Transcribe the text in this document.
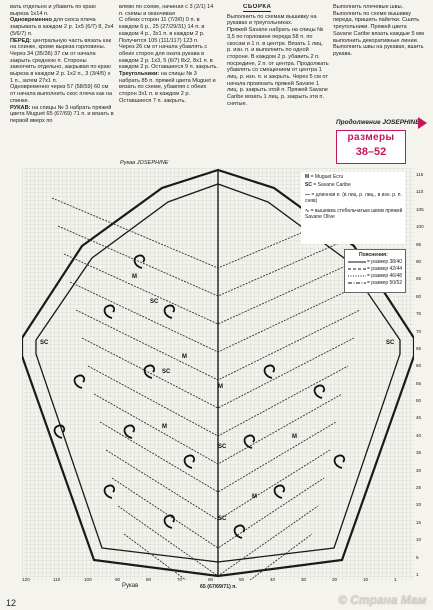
вать отдельно и убавить по краю выреза 1х14 п.

Одновременно для скоса плеча закрывать в каждом 2 р. 1х5 (6/7) 8, 2х4 (5/6/7) п.

ПЕРЕД: центральную часть вязать как на спинке, кроме выреза горловины.

Через 34 (35/36) 37 см от начала закрыть среднюю п. Стороны закончить отдельно, закрывая по краю выреза в каждом 2 р. 1х2 п., 3 (3/4/5) х 1 п., затем 27х1 п.

Одновременно через 57 (58/59) 60 см от начала выполнить скос плеча как на спинке.

РУКАВ: на спицы № 3 набрать пряжей цвета Muguet 65 (67/69) 71 п. и вязать в первой вверх по

влево по схеме, начиная с 3 (2/1) 14 п. схемы и оканчивая

С обеих сторон 11 (7/3/0) 0 п. в каждом 6 р., 25 (27/29/31) 14 п. в каждом 4 р., 3х1 п. в каждом 2 р. Получится 105 (111/117) 123 п.

Через 26 см от начала убавлять с обеих сторон для оката рукава в каждом 2 р. 1х3, 5 (6/7) 8х2, 8х1 п. в каждом 2 р. Оставшиеся 9 п. закрыть.

Треугольники: на спицы № 3 набрать 85 п. пряжей цвета Muguet и вязать по схеме, убавляя с обеих сторон 3х1 п. в каждом 2 р. Оставшиеся 7 п. закрыть.

СБОРКА

Выполнить по схемам вышивку на рукавах и треугольниках.

Пряжей Savane набрать на спицы № 3,5 по горловине переда 58 п. по скосам и 1 п. в центре. Вязать 1 лиц. р. изн. п. и выполнить по одной стороне. В каждом 2 р. убавить 2 п. посредине, 2 п. от центра. Продолжать убавлять со смещением от центра 1 лиц. р. изн. п. и закрыть. Через 5 см от начала провязать пряжей Savane 1 лиц. р. закрыть этой п. Пряжей Savane Caribe вязать 1 лиц. р. закрыть эти п. снятые.

Выполнить плечевые швы.

Выполнить по схеме вышивку переда, пришить пайетки. Сшить треугольники. Пряжей цвета Savane Caribe вязать каждые 5 мм выполнить декоративные линии.

Выполнить швы на рукавах, вшить рукава.

Продолжение JOSEPHINE
размеры
38–52
Рукав JOSEPHINE
M
SC
M
SC
SC	SC
M
SC
M
SC
M
M
M = Muguet Ecru
SC = Savane Caribe
— = длинная п. (в лиц. р. лиц., в изн. р. п. сняв)
∿ = вышивка стебельчатым швом пряжей Savane Olive
Пояснения:
= размер 38/40
= размер 42/44
= размер 46/48
= размер 50/52
120	110	100	90	80	70	60	50	40	30	20	10	1
115
110
105
100
95
90
85
80
75
70
65
60
55
50
45
40
35
30
25
20
15
10
5
1
Рукав	65 (67/69/71) п.
12	© Страна Мам
